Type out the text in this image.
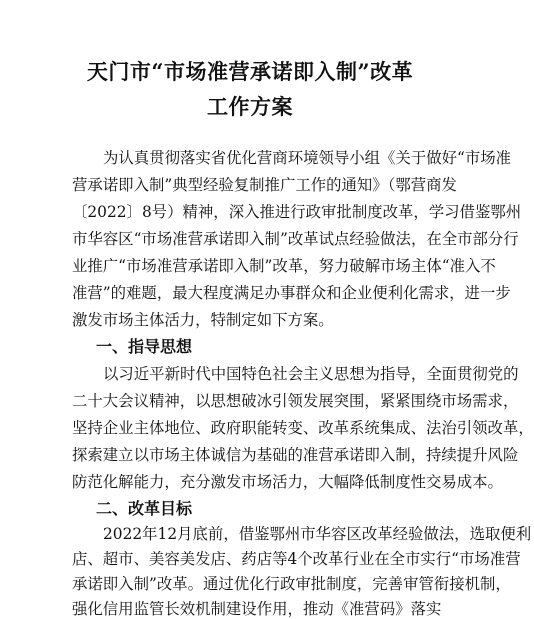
天门市“市场准营承诺即入制”改革
工作方案
为认真贯彻落实省优化营商环境领导小组《关于做好“市场准
营承诺即入制”典型经验复制推广工作的通知》（鄂营商发
〔2022〕8号）精神，深入推进行政审批制度改革，学习借鉴鄂州
市华容区“市场准营承诺即入制”改革试点经验做法，在全市部分行
业推广“市场准营承诺即入制”改革，努力破解市场主体“准入不
准营”的难题，最大程度满足办事群众和企业便利化需求，进一步
激发市场主体活力，特制定如下方案。
一、指导思想
以习近平新时代中国特色社会主义思想为指导，全面贯彻党的
二十大会议精神，以思想破冰引领发展突围，紧紧围绕市场需求，
坚持企业主体地位、政府职能转变、改革系统集成、法治引领改革，
探索建立以市场主体诚信为基础的准营承诺即入制，持续提升风险
防范化解能力，充分激发市场活力，大幅降低制度性交易成本。
二、改革目标
2022年12月底前，借鉴鄂州市华容区改革经验做法，选取便利
店、超市、美容美发店、药店等4个改革行业在全市实行“市场准营
承诺即入制”改革。通过优化行政审批制度，完善审管衔接机制，
强化信用监管长效机制建设作用，推动《准营码》落实
